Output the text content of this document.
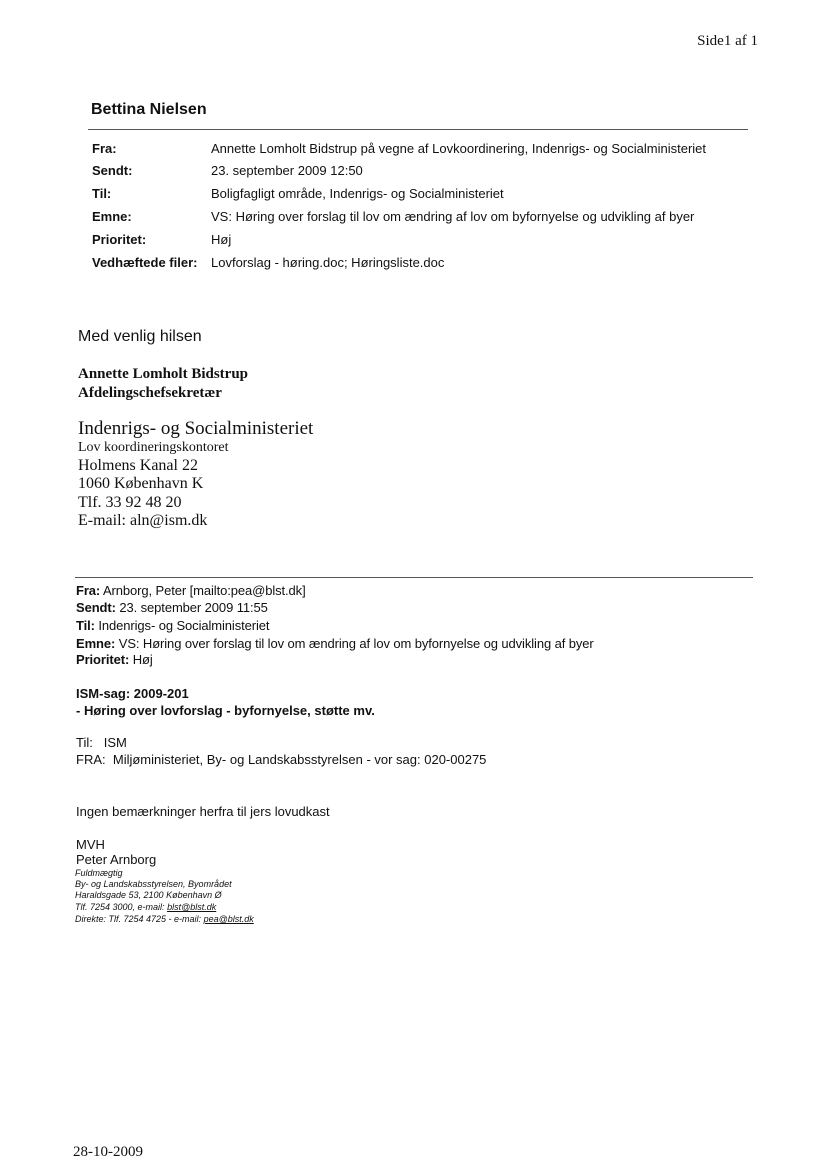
Side1 af 1
Bettina Nielsen
Fra:	Annette Lomholt Bidstrup på vegne af Lovkoordinering, Indenrigs- og Socialministeriet
Sendt:	23. september 2009 12:50
Til:	Boligfagligt område, Indenrigs- og Socialministeriet
Emne:	VS: Høring over forslag til lov om ændring af lov om byfornyelse og udvikling af byer
Prioritet:	Høj
Vedhæftede filer:	Lovforslag - høring.doc; Høringsliste.doc
Med venlig hilsen
Annette Lomholt Bidstrup
Afdelingschefsekretær
Indenrigs- og Socialministeriet
Lov koordineringskontoret
Holmens Kanal 22
1060 København K
Tlf. 33 92 48 20
E-mail: aln@ism.dk
Fra: Arnborg, Peter [mailto:pea@blst.dk]
Sendt: 23. september 2009 11:55
Til: Indenrigs- og Socialministeriet
Emne: VS: Høring over forslag til lov om ændring af lov om byfornyelse og udvikling af byer
Prioritet: Høj
ISM-sag: 2009-201
- Høring over lovforslag - byfornyelse, støtte mv.
Til: ISM
FRA: Miljøministeriet, By- og Landskabsstyrelsen - vor sag: 020-00275
Ingen bemærkninger herfra til jers lovudkast
MVH
Peter Arnborg
Fuldmægtig
By- og Landskabsstyrelsen, Byområdet
Haraldsgade 53, 2100 København Ø
Tlf. 7254 3000, e-mail: blst@blst.dk
Direkte: Tlf. 7254 4725 - e-mail: pea@blst.dk
28-10-2009
